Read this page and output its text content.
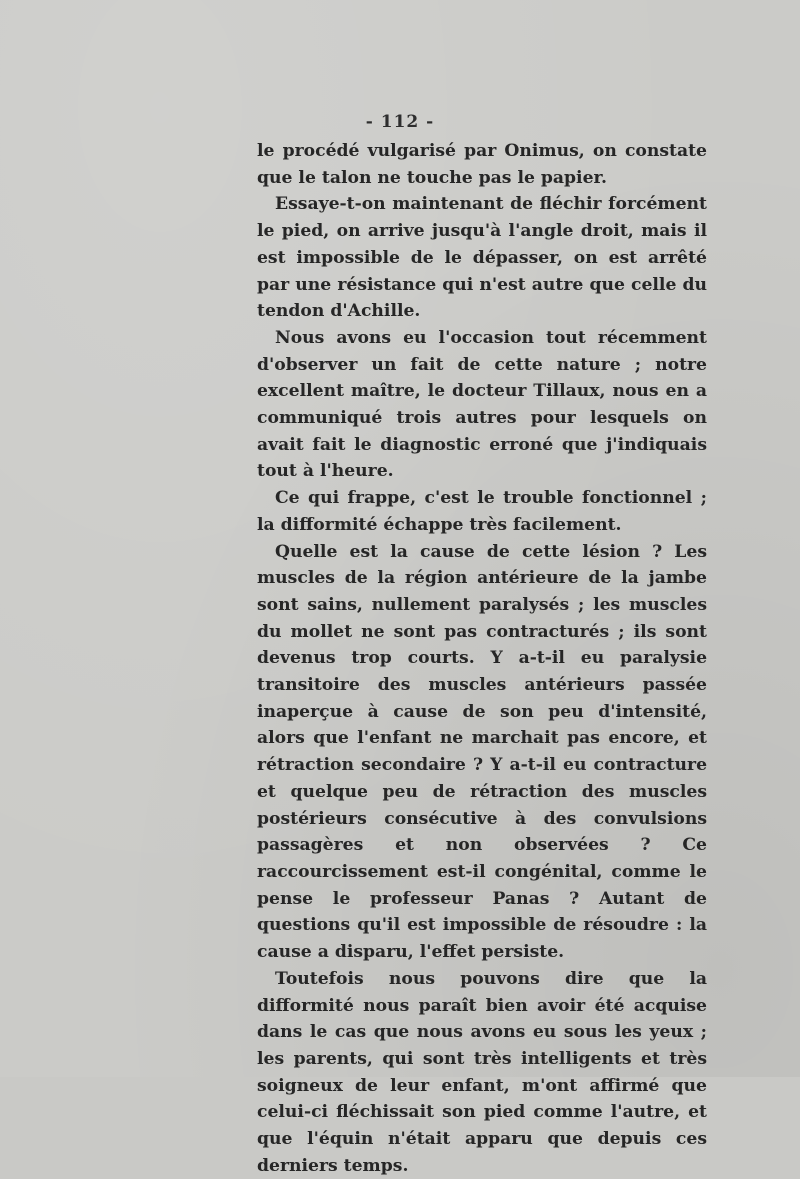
- 112 -

le procédé vulgarisé par Onimus, on constate que le talon ne touche pas le papier.

Essaye-t-on maintenant de fléchir forcément le pied, on arrive jusqu'à l'angle droit, mais il est impossible de le dépasser, on est arrêté par une résistance qui n'est autre que celle du tendon d'Achille.

Nous avons eu l'occasion tout récemment d'observer un fait de cette nature ; notre excellent maître, le docteur Tillaux, nous en a communiqué trois autres pour lesquels on avait fait le diagnostic erroné que j'indiquais tout à l'heure.

Ce qui frappe, c'est le trouble fonctionnel ; la difformité échappe très facilement.

Quelle est la cause de cette lésion ? Les muscles de la région antérieure de la jambe sont sains, nullement paralysés ; les muscles du mollet ne sont pas contracturés ; ils sont devenus trop courts. Y a-t-il eu paralysie transitoire des muscles antérieurs passée inaperçue à cause de son peu d'intensité, alors que l'enfant ne marchait pas encore, et rétraction secondaire ? Y a-t-il eu contracture et quelque peu de rétraction des muscles postérieurs consécutive à des convulsions passagères et non observées ? Ce raccourcissement est-il congénital, comme le pense le professeur Panas ? Autant de questions qu'il est impossible de résoudre : la cause a disparu, l'effet persiste.

Toutefois nous pouvons dire que la difformité nous paraît bien avoir été acquise dans le cas que nous avons eu sous les yeux ; les parents, qui sont très intelligents et très soigneux de leur enfant, m'ont affirmé que celui-ci fléchissait son pied comme l'autre, et que l'équin n'était apparu que depuis ces derniers temps.
